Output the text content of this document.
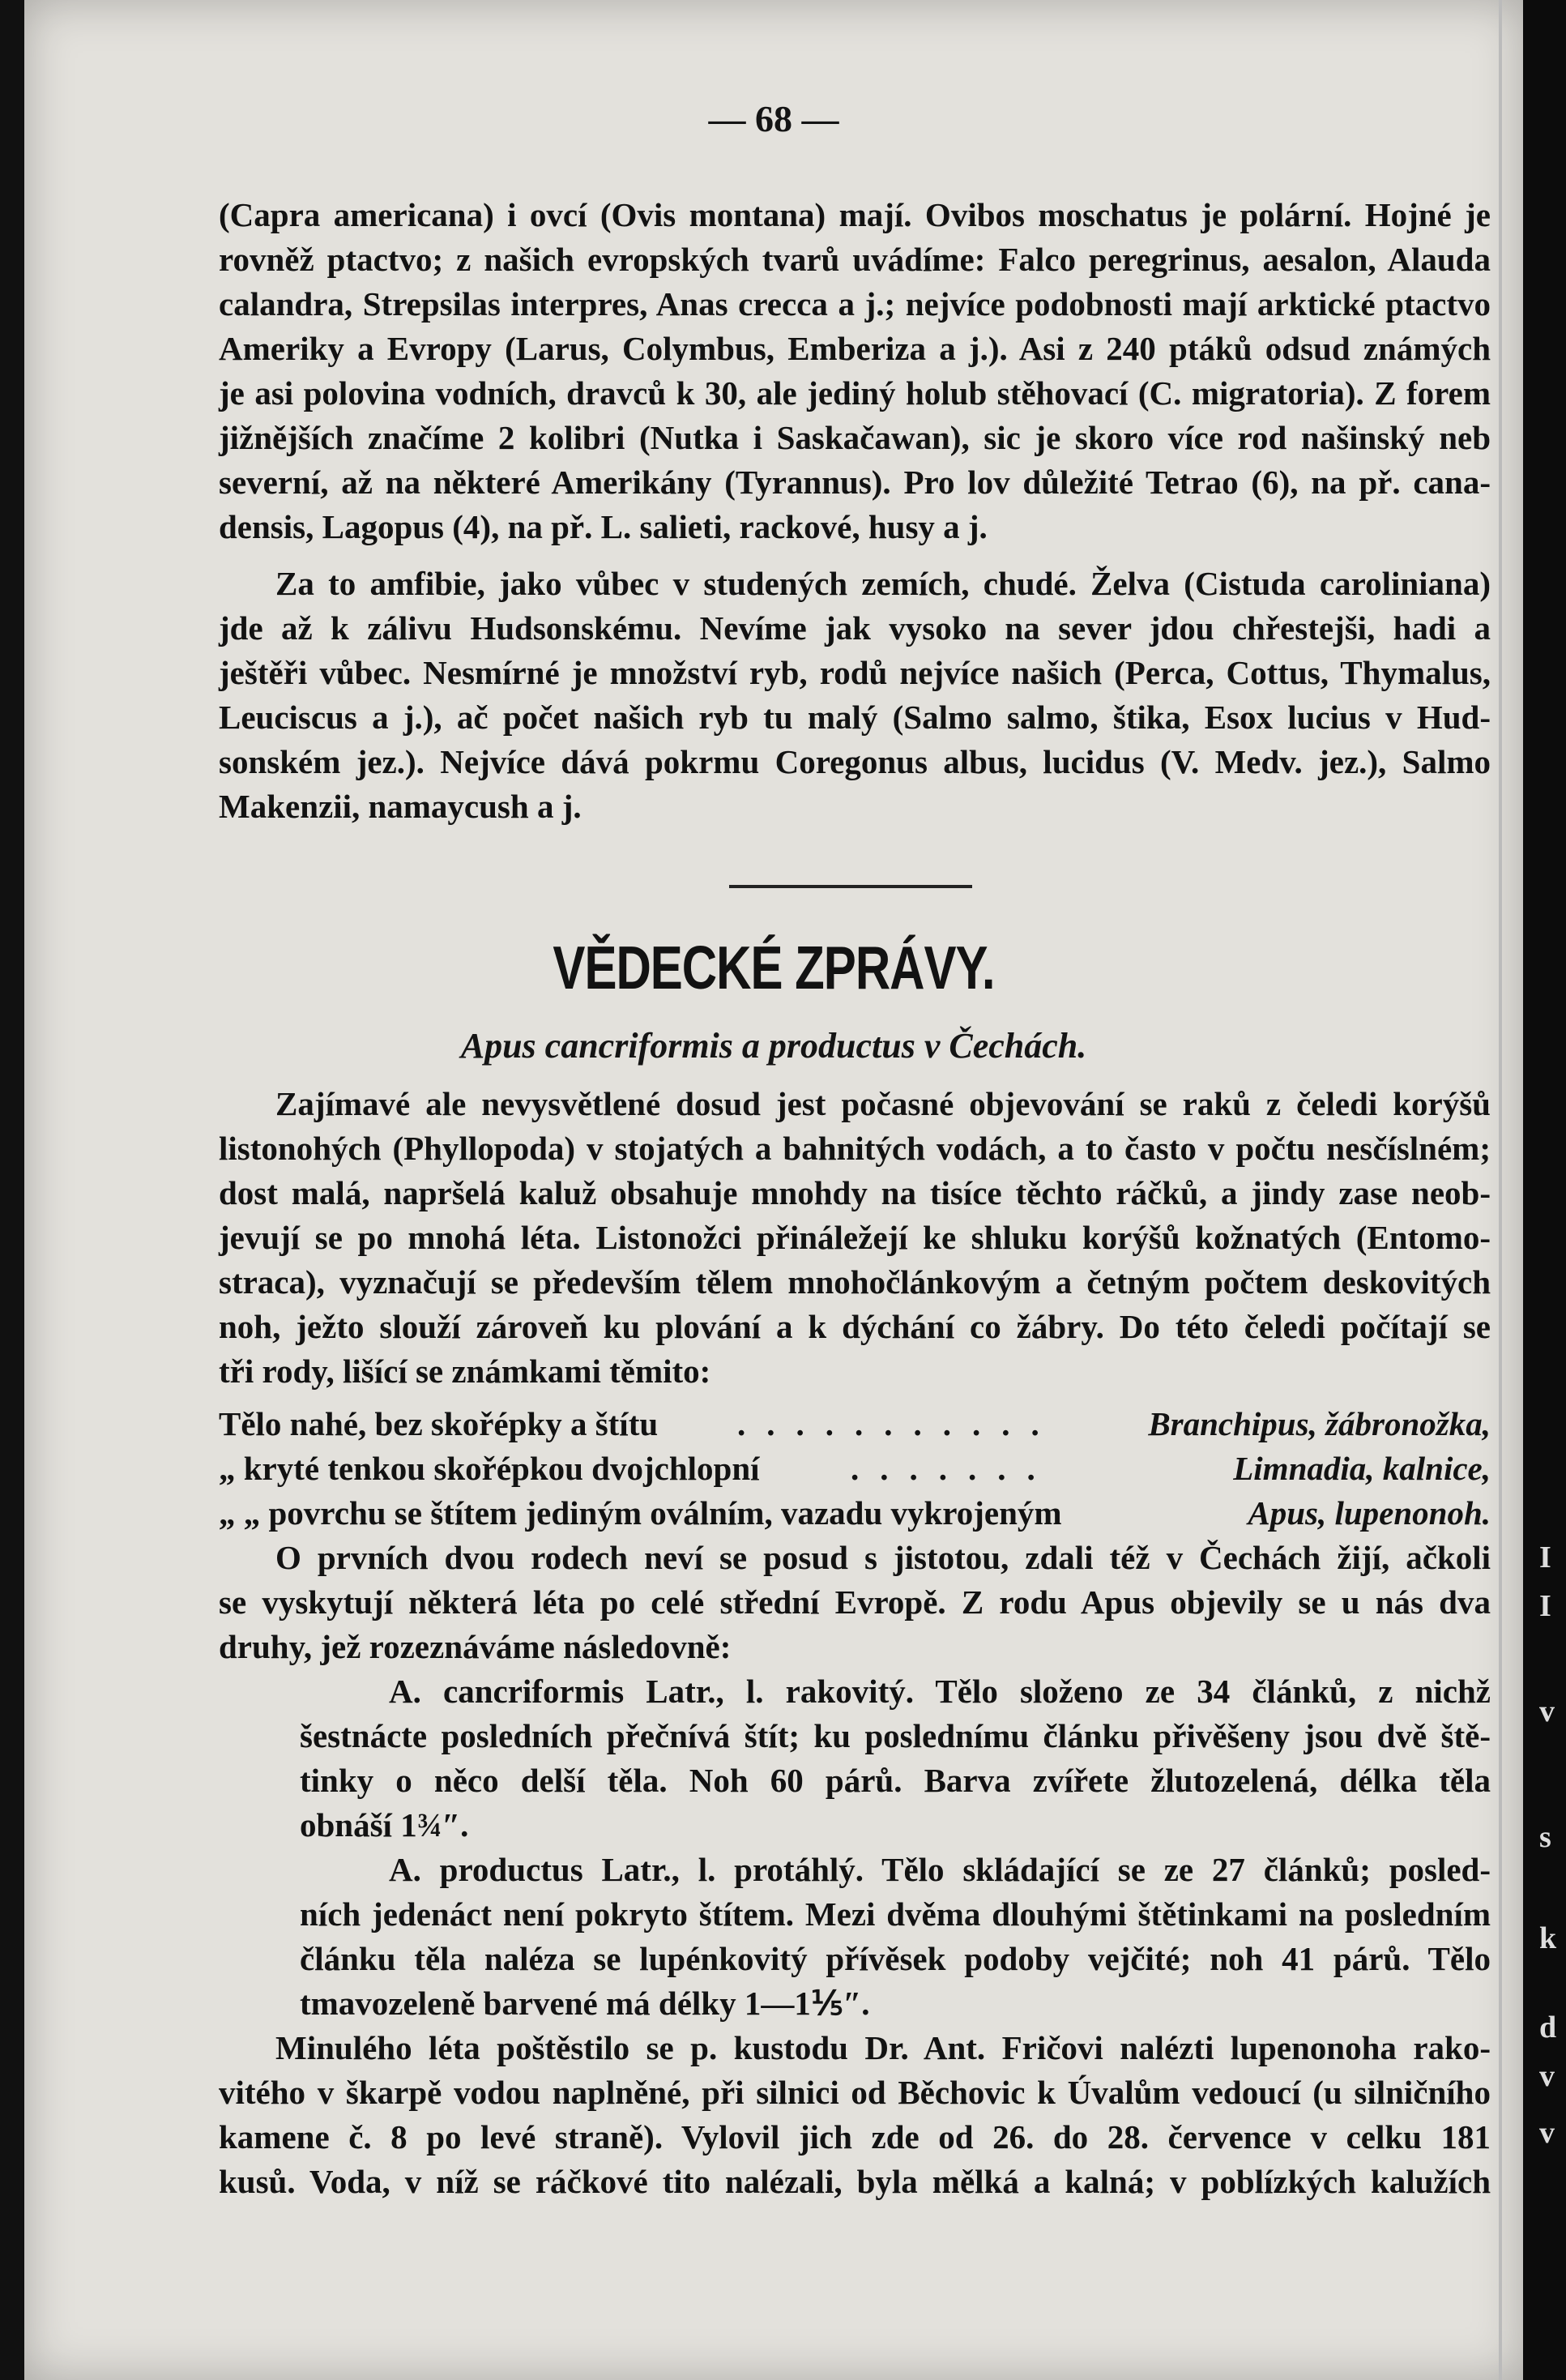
— 68 —
(Capra americana) i ovcí (Ovis montana) mají. Ovibos moschatus je polární. Hojné je
rovněž ptactvo; z našich evropských tvarů uvádíme: Falco peregrinus, aesalon, Alauda
calandra, Strepsilas interpres, Anas crecca a j.; nejvíce podobnosti mají arktické ptactvo
Ameriky a Evropy (Larus, Colymbus, Emberiza a j.). Asi z 240 ptáků odsud známých
je asi polovina vodních, dravců k 30, ale jediný holub stěhovací (C. migratoria). Z forem
jižnějších značíme 2 kolibri (Nutka i Saskačawan), sic je skoro více rod našinský neb
severní, až na některé Amerikány (Tyrannus). Pro lov důležité Tetrao (6), na př. cana-
densis, Lagopus (4), na př. L. salieti, rackové, husy a j.
Za to amfibie, jako vůbec v studených zemích, chudé. Želva (Cistuda caroliniana)
jde až k zálivu Hudsonskému. Nevíme jak vysoko na sever jdou chřestejši, hadi a
ještěři vůbec. Nesmírné je množství ryb, rodů nejvíce našich (Perca, Cottus, Thymalus,
Leuciscus a j.), ač počet našich ryb tu malý (Salmo salmo, štika, Esox lucius v Hud-
sonském jez.). Nejvíce dává pokrmu Coregonus albus, lucidus (V. Medv. jez.), Salmo
Makenzii, namaycush a j.
VĚDECKÉ ZPRÁVY.
Apus cancriformis a productus v Čechách.
Zajímavé ale nevysvětlené dosud jest počasné objevování se raků z čeledi korýšů
listonohých (Phyllopoda) v stojatých a bahnitých vodách, a to často v počtu nesčíslném;
dost malá, napršelá kaluž obsahuje mnohdy na tisíce těchto ráčků, a jindy zase neob-
jevují se po mnohá léta. Listonožci přináležejí ke shluku korýšů kožnatých (Entomo-
straca), vyznačují se především tělem mnohočlánkovým a četným počtem deskovitých
noh, ježto slouží zároveň ku plování a k dýchání co žábry. Do této čeledi počítají se
tři rody, lišící se známkami těmito:
Tělo nahé, bez skořépky a štítu ...........	Branchipus, žábronožka,
„ kryté tenkou skořépkou dvojchlopní	.......	Limnadia, kalnice,
„ „ povrchu se štítem jediným oválním, vazadu vykrojeným	Apus, lupenonoh.
O prvních dvou rodech neví se posud s jistotou, zdali též v Čechách žijí, ačkoli
se vyskytují některá léta po celé střední Evropě. Z rodu Apus objevily se u nás dva
druhy, jež rozeznáváme následovně:
A. cancriformis Latr., l. rakovitý. Tělo složeno ze 34 článků, z nichž
šestnácte posledních přečnívá štít; ku poslednímu článku přivěšeny jsou dvě ště-
tinky o něco delší těla. Noh 60 párů. Barva zvířete žlutozelená, délka těla
obnáší 1¾″.
A. productus Latr., l. protáhlý. Tělo skládající se ze 27 článků; posled-
ních jedenáct není pokryto štítem. Mezi dvěma dlouhými štětinkami na posledním
článku těla naléza se lupénkovitý přívěsek podoby vejčité; noh 41 párů. Tělo
tmavozeleně barvené má délky 1—1⅕″.
Minulého léta poštěstilo se p. kustodu Dr. Ant. Fričovi nalézti lupenonoha rako-
vitého v škarpě vodou naplněné, při silnici od Běchovic k Úvalům vedoucí (u silničního
kamene č. 8 po levé straně). Vylovil jich zde od 26. do 28. července v celku 181
kusů. Voda, v níž se ráčkové tito nalézali, byla mělká a kalná; v poblízkých kalužích
I
I
v
s
k
d
v
v
